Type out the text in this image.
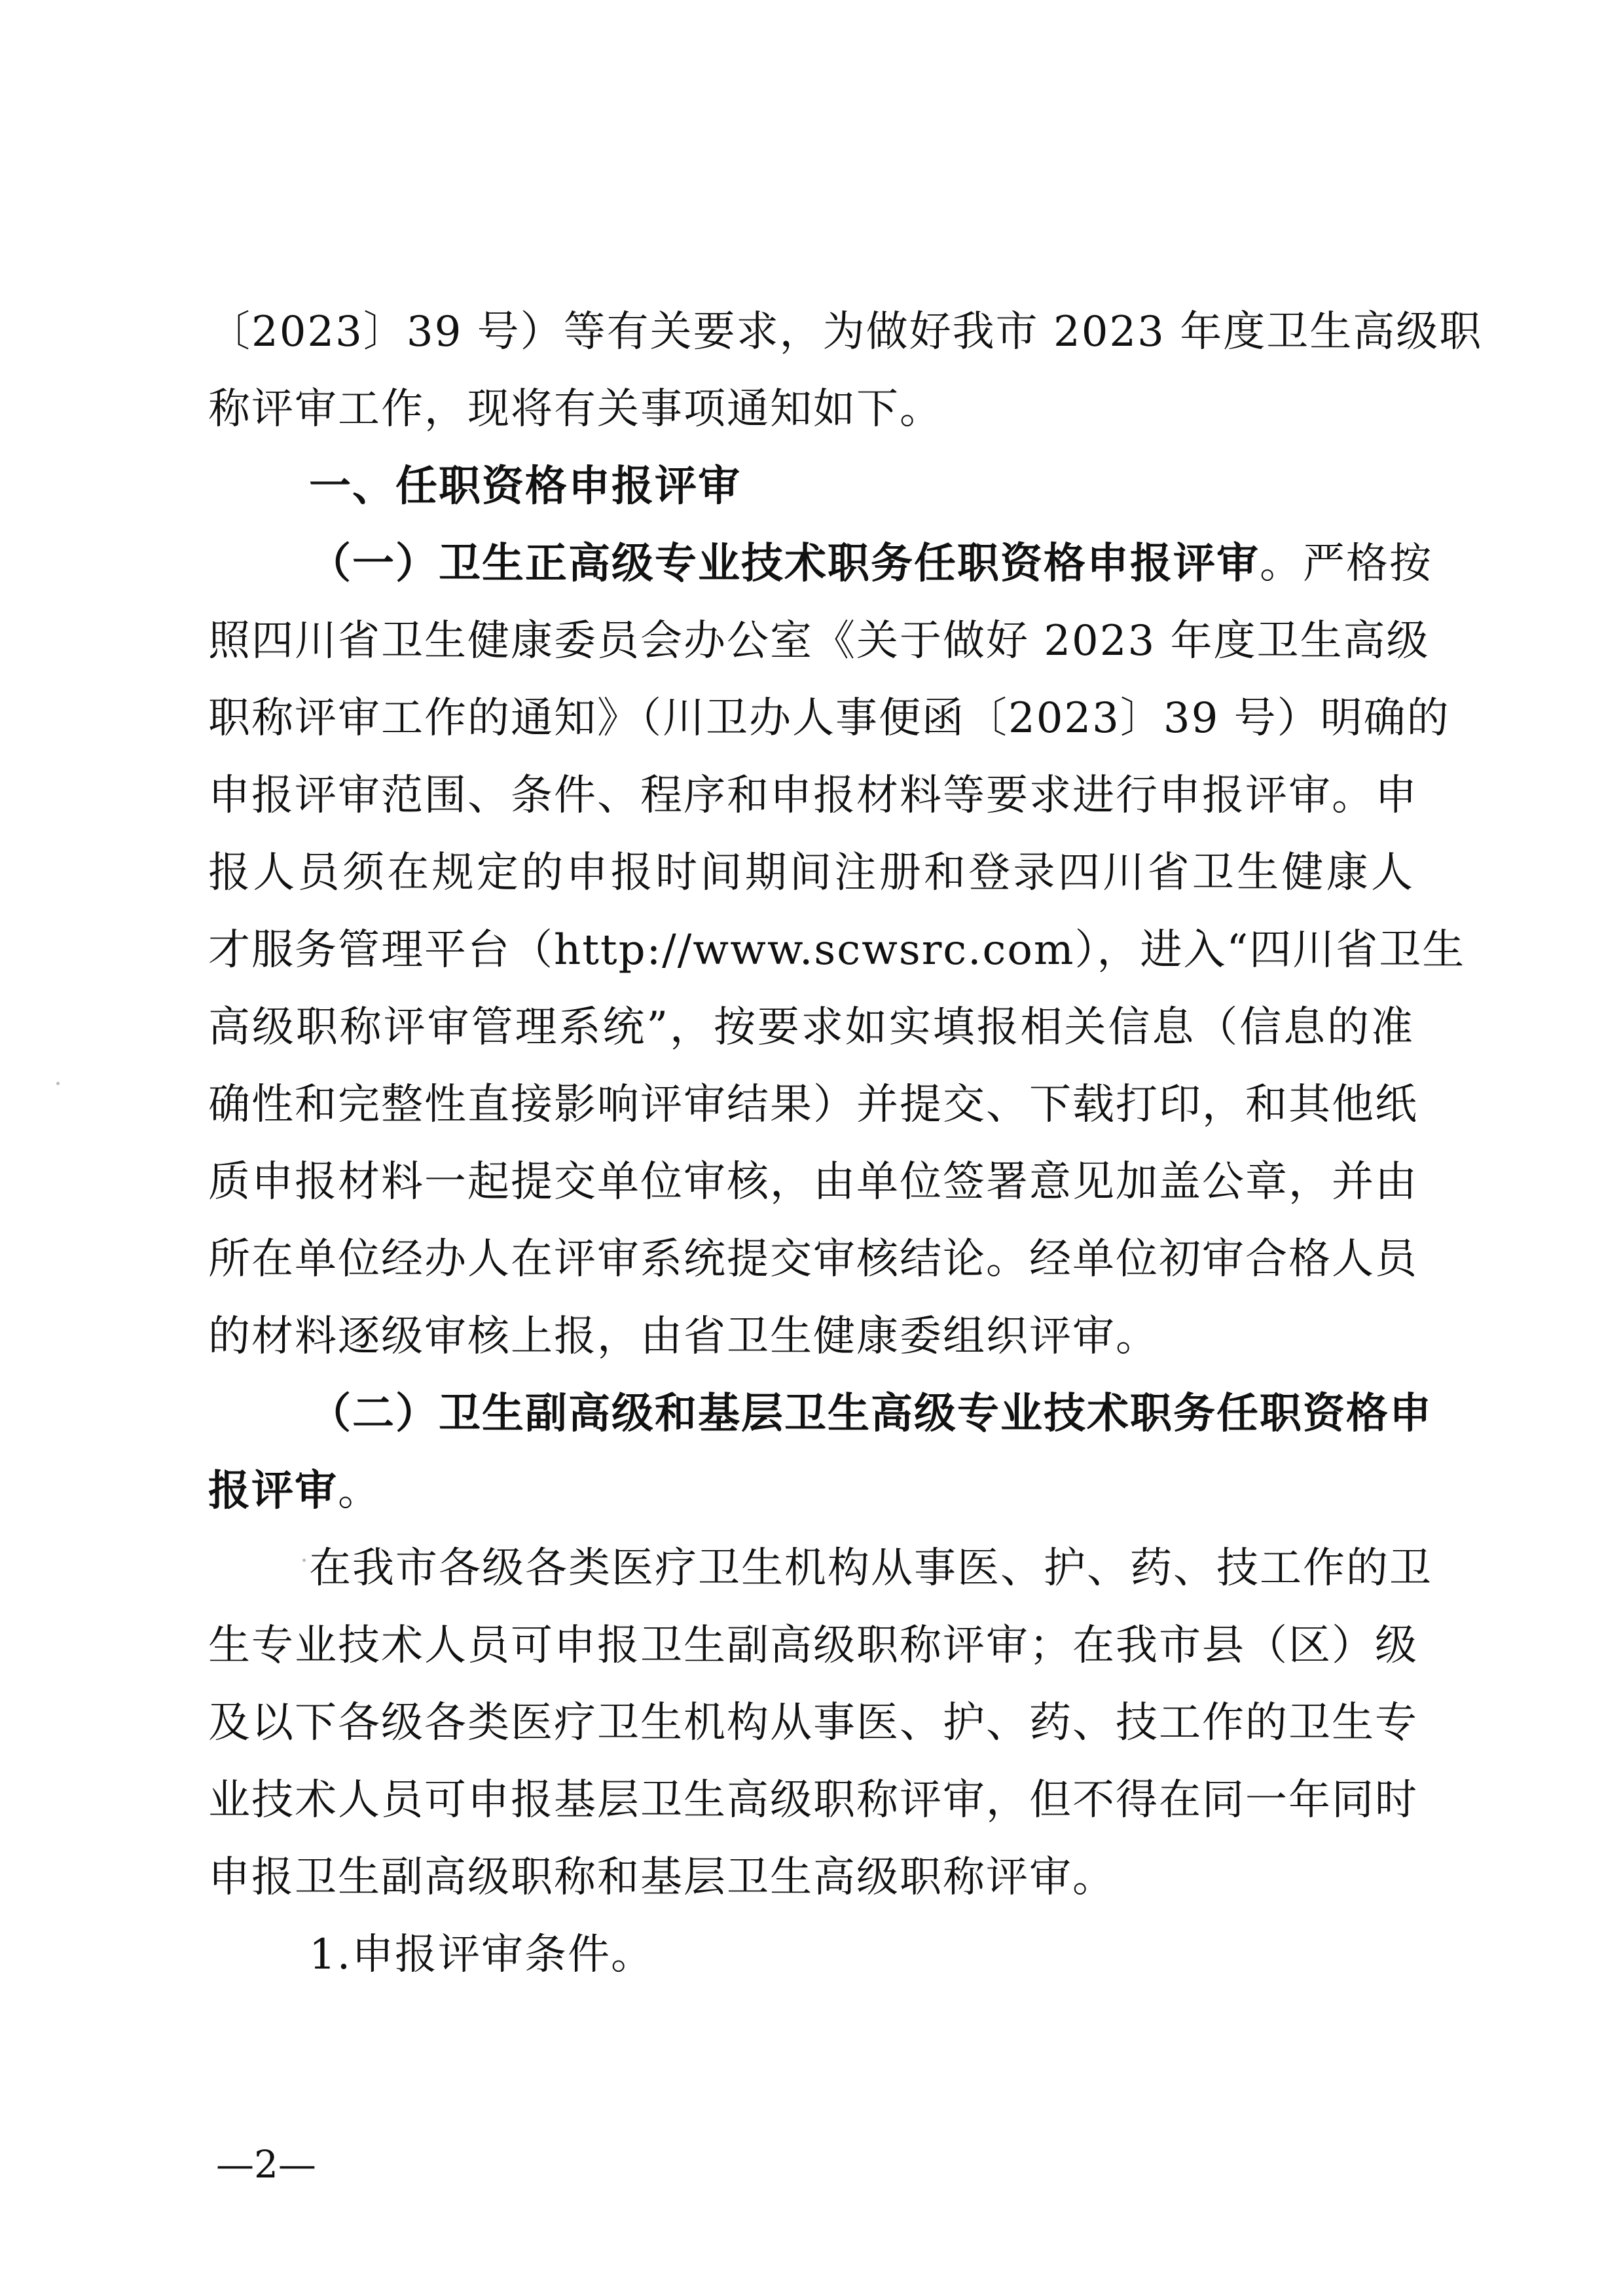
〔2023〕39 号）等有关要求，为做好我市 2023 年度卫生高级职
称评审工作，现将有关事项通知如下。
一、任职资格申报评审
（一）卫生正高级专业技术职务任职资格申报评审。严格按
照四川省卫生健康委员会办公室《关于做好 2023 年度卫生高级
职称评审工作的通知》（川卫办人事便函〔2023〕39 号）明确的
申报评审范围、条件、程序和申报材料等要求进行申报评审。申
报人员须在规定的申报时间期间注册和登录四川省卫生健康人
才服务管理平台（http://www.scwsrc.com），进入“四川省卫生
高级职称评审管理系统”，按要求如实填报相关信息（信息的准
确性和完整性直接影响评审结果）并提交、下载打印，和其他纸
质申报材料一起提交单位审核，由单位签署意见加盖公章，并由
所在单位经办人在评审系统提交审核结论。经单位初审合格人员
的材料逐级审核上报，由省卫生健康委组织评审。
（二）卫生副高级和基层卫生高级专业技术职务任职资格申
报评审。
在我市各级各类医疗卫生机构从事医、护、药、技工作的卫
生专业技术人员可申报卫生副高级职称评审；在我市县（区）级
及以下各级各类医疗卫生机构从事医、护、药、技工作的卫生专
业技术人员可申报基层卫生高级职称评审，但不得在同一年同时
申报卫生副高级职称和基层卫生高级职称评审。
1.申报评审条件。
—2—
